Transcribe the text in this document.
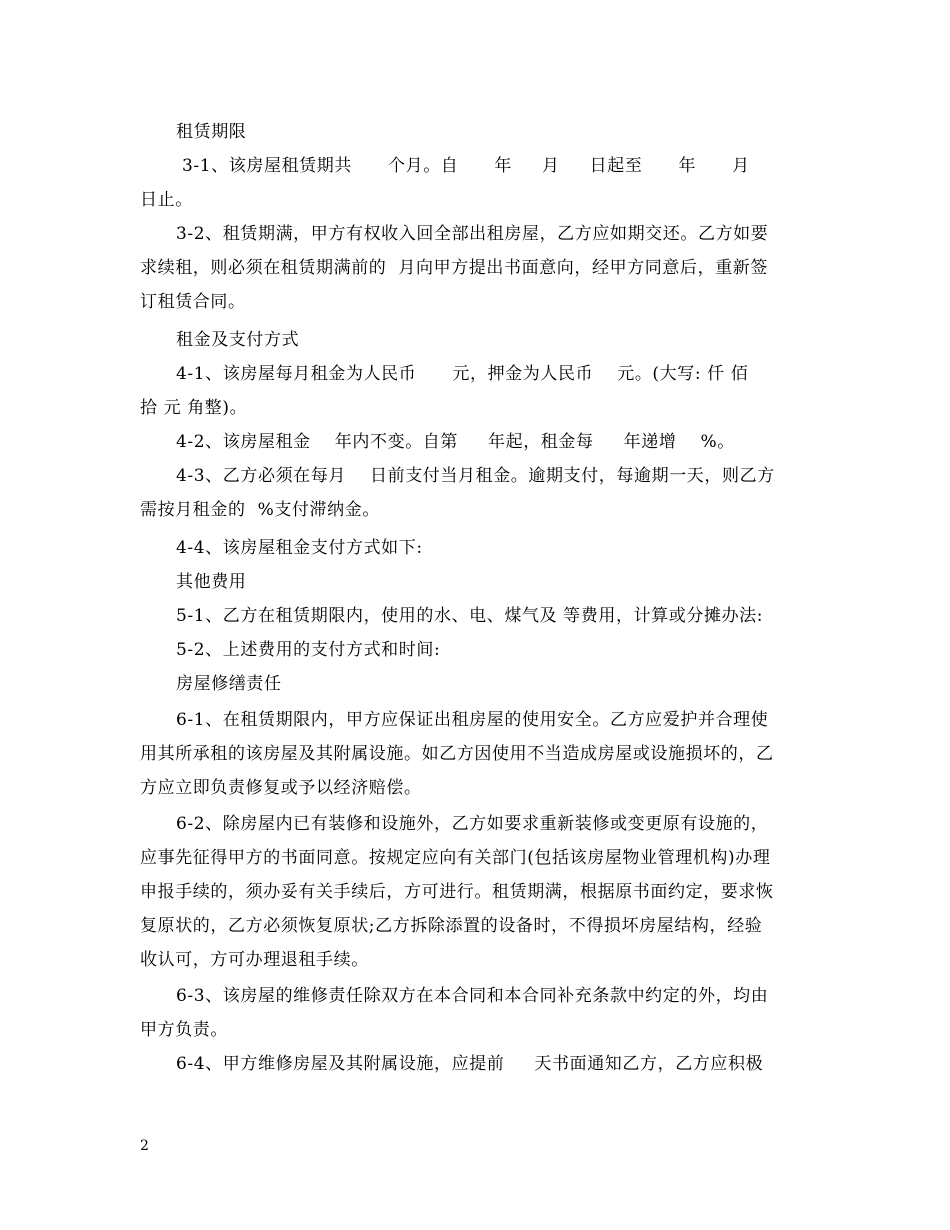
租赁期限
3-1、该房屋租赁期共      个月。自      年     月     日起至      年      月
日止。
3-2、租赁期满，甲方有权收入回全部出租房屋，乙方应如期交还。乙方如要
求续租，则必须在租赁期满前的  月向甲方提出书面意向，经甲方同意后，重新签
订租赁合同。
租金及支付方式
4-1、该房屋每月租金为人民币      元，押金为人民币    元。(大写: 仟 佰
拾 元 角整)。
4-2、该房屋租金    年内不变。自第     年起，租金每     年递增    %。
4-3、乙方必须在每月    日前支付当月租金。逾期支付，每逾期一天，则乙方
需按月租金的  %支付滞纳金。
4-4、该房屋租金支付方式如下:
其他费用
5-1、乙方在租赁期限内，使用的水、电、煤气及 等费用，计算或分摊办法:
5-2、上述费用的支付方式和时间:
房屋修缮责任
6-1、在租赁期限内，甲方应保证出租房屋的使用安全。乙方应爱护并合理使
用其所承租的该房屋及其附属设施。如乙方因使用不当造成房屋或设施损坏的，乙
方应立即负责修复或予以经济赔偿。
6-2、除房屋内已有装修和设施外，乙方如要求重新装修或变更原有设施的，
应事先征得甲方的书面同意。按规定应向有关部门(包括该房屋物业管理机构)办理
申报手续的，须办妥有关手续后，方可进行。租赁期满，根据原书面约定，要求恢
复原状的，乙方必须恢复原状;乙方拆除添置的设备时，不得损坏房屋结构，经验
收认可，方可办理退租手续。
6-3、该房屋的维修责任除双方在本合同和本合同补充条款中约定的外，均由
甲方负责。
6-4、甲方维修房屋及其附属设施，应提前     天书面通知乙方，乙方应积极
2
